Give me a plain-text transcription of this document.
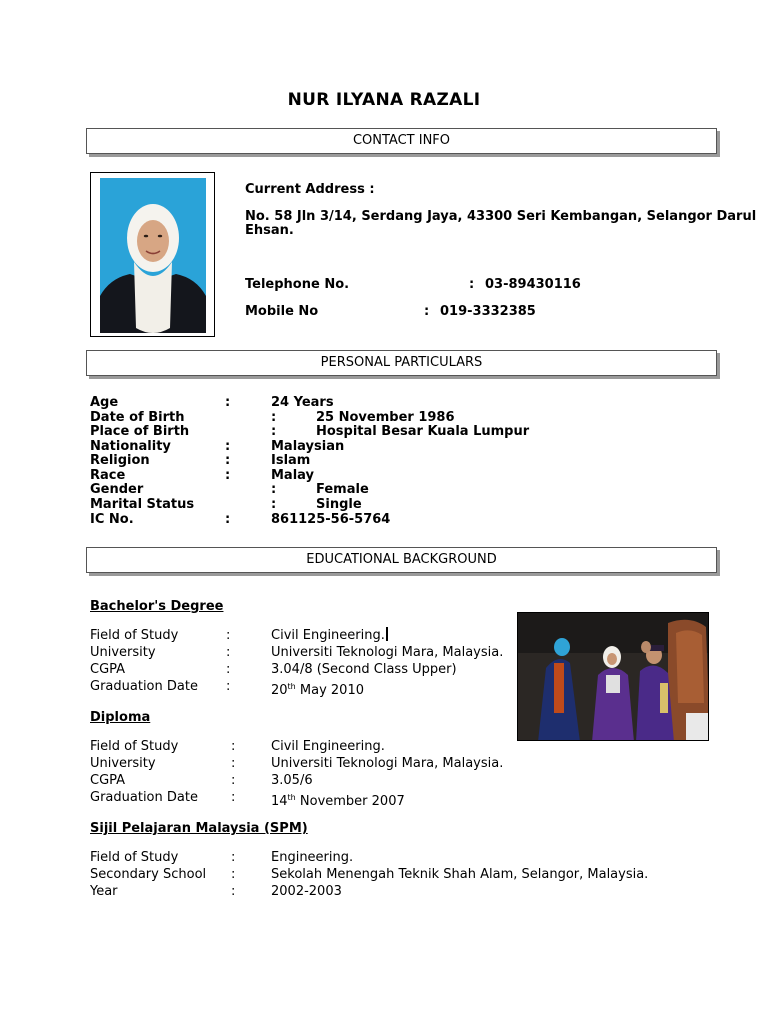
NUR ILYANA RAZALI
CONTACT INFO
Current Address :
No. 58 Jln 3/14, Serdang Jaya, 43300 Seri Kembangan, Selangor Darul
Ehsan.
Telephone No.	: 03-89430116
Mobile No	: 019-3332385
PERSONAL PARTICULARS
Age	:	24 Years
Date of Birth	:	25 November 1986
Place of Birth	:	Hospital Besar Kuala Lumpur
Nationality	:	Malaysian
Religion	:	Islam
Race	:	Malay
Gender	:	Female
Marital Status	:	Single
IC No.	:	861125-56-5764
EDUCATIONAL BACKGROUND
Bachelor's Degree
Field of Study	:	Civil Engineering.
University	:	Universiti Teknologi Mara, Malaysia.
CGPA	:	3.04/8 (Second Class Upper)
Graduation Date :	20th May 2010
Diploma
Field of Study	:	Civil Engineering.
University	:	Universiti Teknologi Mara, Malaysia.
CGPA	:	3.05/6
Graduation Date	:	14th November 2007
Sijil Pelajaran Malaysia (SPM)
Field of Study	:	Engineering.
Secondary School :	Sekolah Menengah Teknik Shah Alam, Selangor, Malaysia.
Year	:	2002-2003
